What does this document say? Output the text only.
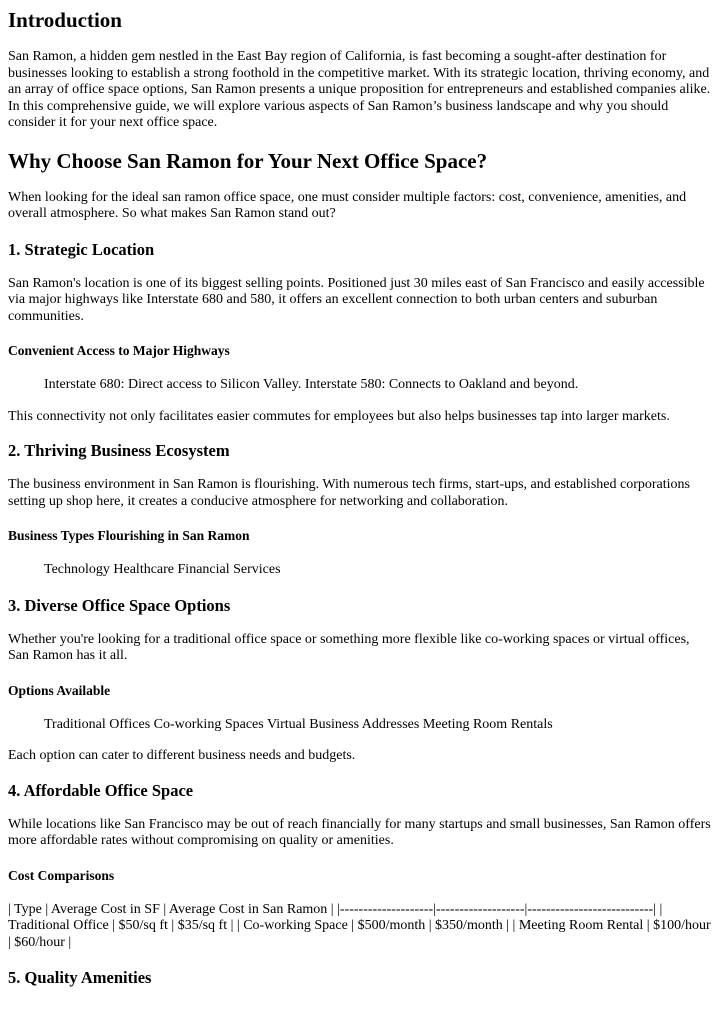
Introduction

San Ramon, a hidden gem nestled in the East Bay region of California, is fast becoming a sought-after destination for businesses looking to establish a strong foothold in the competitive market. With its strategic location, thriving economy, and an array of office space options, San Ramon presents a unique proposition for entrepreneurs and established companies alike. In this comprehensive guide, we will explore various aspects of San Ramon’s business landscape and why you should consider it for your next office space.

Why Choose San Ramon for Your Next Office Space?

When looking for the ideal san ramon office space, one must consider multiple factors: cost, convenience, amenities, and overall atmosphere. So what makes San Ramon stand out?

1. Strategic Location

San Ramon's location is one of its biggest selling points. Positioned just 30 miles east of San Francisco and easily accessible via major highways like Interstate 680 and 580, it offers an excellent connection to both urban centers and suburban communities.

Convenient Access to Major Highways

Interstate 680: Direct access to Silicon Valley. Interstate 580: Connects to Oakland and beyond.

This connectivity not only facilitates easier commutes for employees but also helps businesses tap into larger markets.

2. Thriving Business Ecosystem

The business environment in San Ramon is flourishing. With numerous tech firms, start-ups, and established corporations setting up shop here, it creates a conducive atmosphere for networking and collaboration.

Business Types Flourishing in San Ramon

Technology Healthcare Financial Services

3. Diverse Office Space Options

Whether you're looking for a traditional office space or something more flexible like co-working spaces or virtual offices, San Ramon has it all.

Options Available

Traditional Offices Co-working Spaces Virtual Business Addresses Meeting Room Rentals

Each option can cater to different business needs and budgets.

4. Affordable Office Space

While locations like San Francisco may be out of reach financially for many startups and small businesses, San Ramon offers more affordable rates without compromising on quality or amenities.

Cost Comparisons

| Type | Average Cost in SF | Average Cost in San Ramon | |--------------------|-------------------|---------------------------| | Traditional Office | $50/sq ft | $35/sq ft | | Co-working Space | $500/month | $350/month | | Meeting Room Rental | $100/hour | $60/hour |

5. Quality Amenities
